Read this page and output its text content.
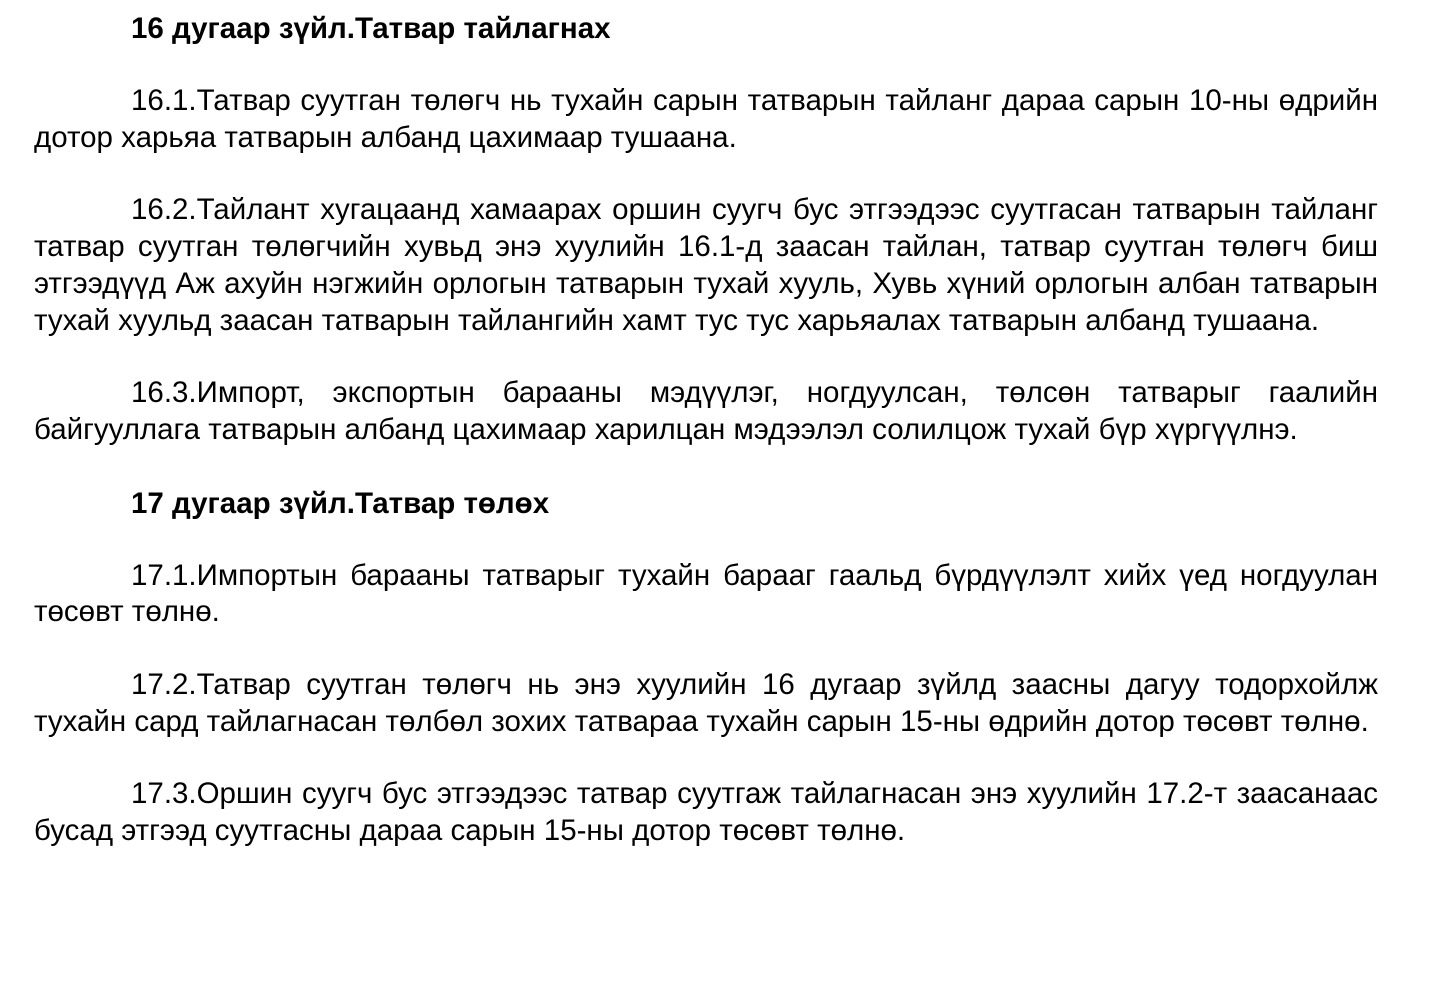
16 дугаар зүйл.Татвар тайлагнах
16.1.Татвар суутган төлөгч нь тухайн сарын татварын тайланг дараа сарын 10-ны өдрийн дотор харьяа татварын албанд цахимаар тушаана.
16.2.Тайлант хугацаанд хамаарах оршин суугч бус этгээдээс суутгасан татварын тайланг татвар суутган төлөгчийн хувьд энэ хуулийн 16.1-д заасан тайлан, татвар суутган төлөгч биш этгээдүүд Аж ахуйн нэгжийн орлогын татварын тухай хууль, Хувь хүний орлогын албан татварын тухай хуульд заасан татварын тайлангийн хамт тус тус харьяалах татварын албанд тушаана.
16.3.Импорт, экспортын барааны мэдүүлэг, ногдуулсан, төлсөн татварыг гаалийн байгууллага татварын албанд цахимаар харилцан мэдээлэл солилцож тухай бүр хүргүүлнэ.
17 дугаар зүйл.Татвар төлөх
17.1.Импортын барааны татварыг тухайн барааг гаальд бүрдүүлэлт хийх үед ногдуулан төсөвт төлнө.
17.2.Татвар суутган төлөгч нь энэ хуулийн 16 дугаар зүйлд заасны дагуу тодорхойлж тухайн сард тайлагнасан төлбөл зохих татвараа тухайн сарын 15-ны өдрийн дотор төсөвт төлнө.
17.3.Оршин суугч бус этгээдээс татвар суутгаж тайлагнасан энэ хуулийн 17.2-т заасанаас бусад этгээд суутгасны дараа сарын 15-ны дотор төсөвт төлнө.
